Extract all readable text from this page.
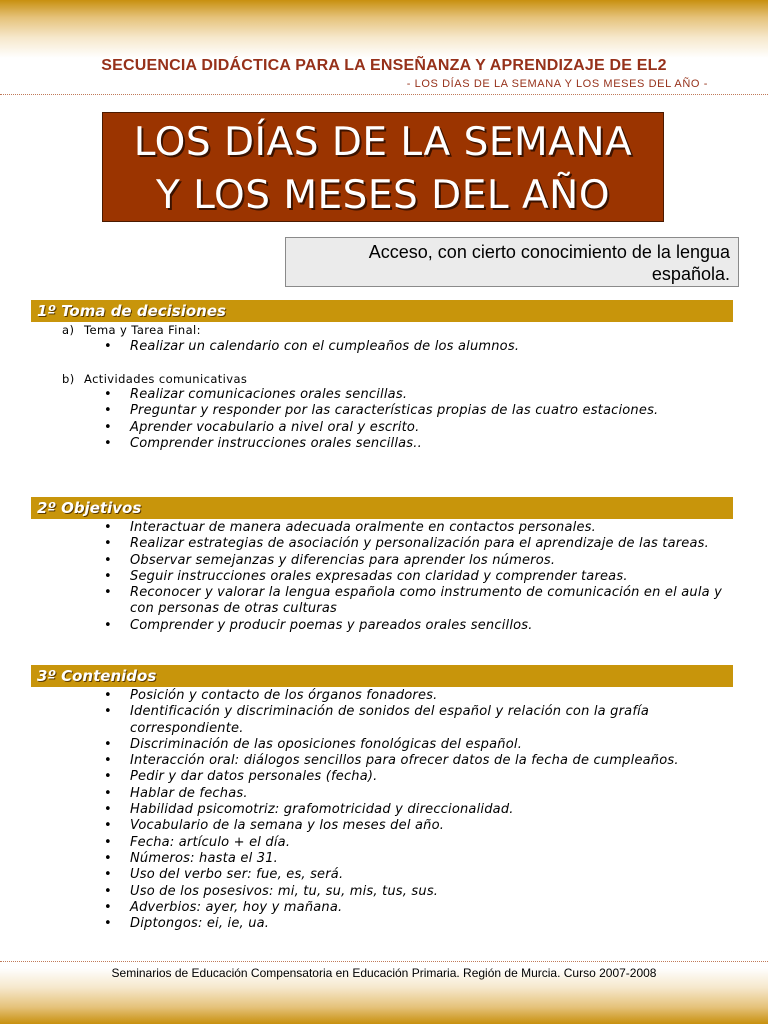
SECUENCIA DIDÁCTICA PARA LA ENSEÑANZA Y APRENDIZAJE DE EL2
- LOS DÍAS DE LA SEMANA Y LOS MESES DEL AÑO -
LOS DÍAS DE LA SEMANA
Y LOS MESES DEL AÑO
Acceso, con cierto conocimiento de la lengua española.
1º Toma de decisiones
a) Tema y Tarea Final:
• Realizar un calendario con el cumpleaños de los alumnos.
b) Actividades comunicativas
• Realizar comunicaciones orales sencillas.
• Preguntar y responder por las características propias de las cuatro estaciones.
• Aprender vocabulario a nivel oral y escrito.
• Comprender instrucciones orales sencillas..
2º Objetivos
• Interactuar de manera adecuada oralmente en contactos personales.
• Realizar estrategias de asociación y personalización para el aprendizaje de las tareas.
• Observar semejanzas y diferencias para aprender los números.
• Seguir instrucciones orales expresadas con claridad y comprender tareas.
• Reconocer y valorar la lengua española como instrumento de comunicación en el aula y con personas de otras culturas
• Comprender y producir poemas y pareados orales sencillos.
3º Contenidos
• Posición y contacto de los órganos fonadores.
• Identificación y discriminación de sonidos del español y relación con la grafía correspondiente.
• Discriminación de las oposiciones fonológicas del español.
• Interacción oral: diálogos sencillos para ofrecer datos de la fecha de cumpleaños.
• Pedir y dar datos personales (fecha).
• Hablar de fechas.
• Habilidad psicomotriz: grafomotricidad y direccionalidad.
• Vocabulario de la semana y los meses del año.
• Fecha: artículo + el día.
• Números: hasta el 31.
• Uso del verbo ser: fue, es, será.
• Uso de los posesivos: mi, tu, su, mis, tus, sus.
• Adverbios: ayer, hoy y mañana.
• Diptongos: ei, ie, ua.
Seminarios de Educación Compensatoria en Educación Primaria. Región de Murcia. Curso 2007-2008
